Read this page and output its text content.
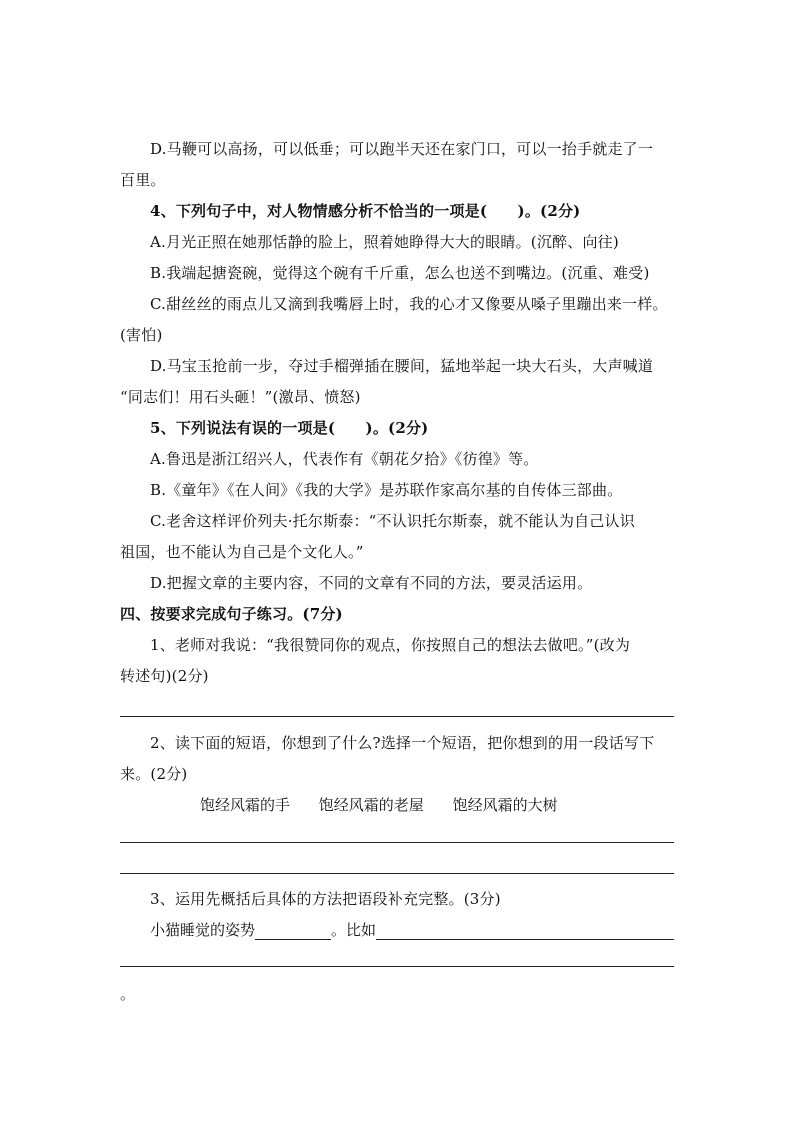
D.马鞭可以高扬，可以低垂；可以跑半天还在家门口，可以一抬手就走了一
百里。
4、下列句子中，对人物情感分析不恰当的一项是(　　)。(2分)
A.月光正照在她那恬静的脸上，照着她睁得大大的眼睛。(沉醉、向往)
B.我端起搪瓷碗，觉得这个碗有千斤重，怎么也送不到嘴边。(沉重、难受)
C.甜丝丝的雨点儿又滴到我嘴唇上时，我的心才又像要从嗓子里蹦出来一样。
(害怕)
D.马宝玉抢前一步，夺过手榴弹插在腰间，猛地举起一块大石头，大声喊道
“同志们！用石头砸！”(激昂、愤怒)
5、下列说法有误的一项是(　　)。(2分)
A.鲁迅是浙江绍兴人，代表作有《朝花夕拾》《彷徨》等。
B.《童年》《在人间》《我的大学》是苏联作家高尔基的自传体三部曲。
C.老舍这样评价列夫·托尔斯泰：“不认识托尔斯泰，就不能认为自己认识
祖国，也不能认为自己是个文化人。”
D.把握文章的主要内容，不同的文章有不同的方法，要灵活运用。
四、按要求完成句子练习。(7分)
1、老师对我说：“我很赞同你的观点，你按照自己的想法去做吧。”(改为
转述句)(2分)
2、读下面的短语，你想到了什么?选择一个短语，把你想到的用一段话写下
来。(2分)
饱经风霜的手 饱经风霜的老屋 饱经风霜的大树
3、运用先概括后具体的方法把语段补充完整。(3分)
小猫睡觉的姿势	。比如
。
